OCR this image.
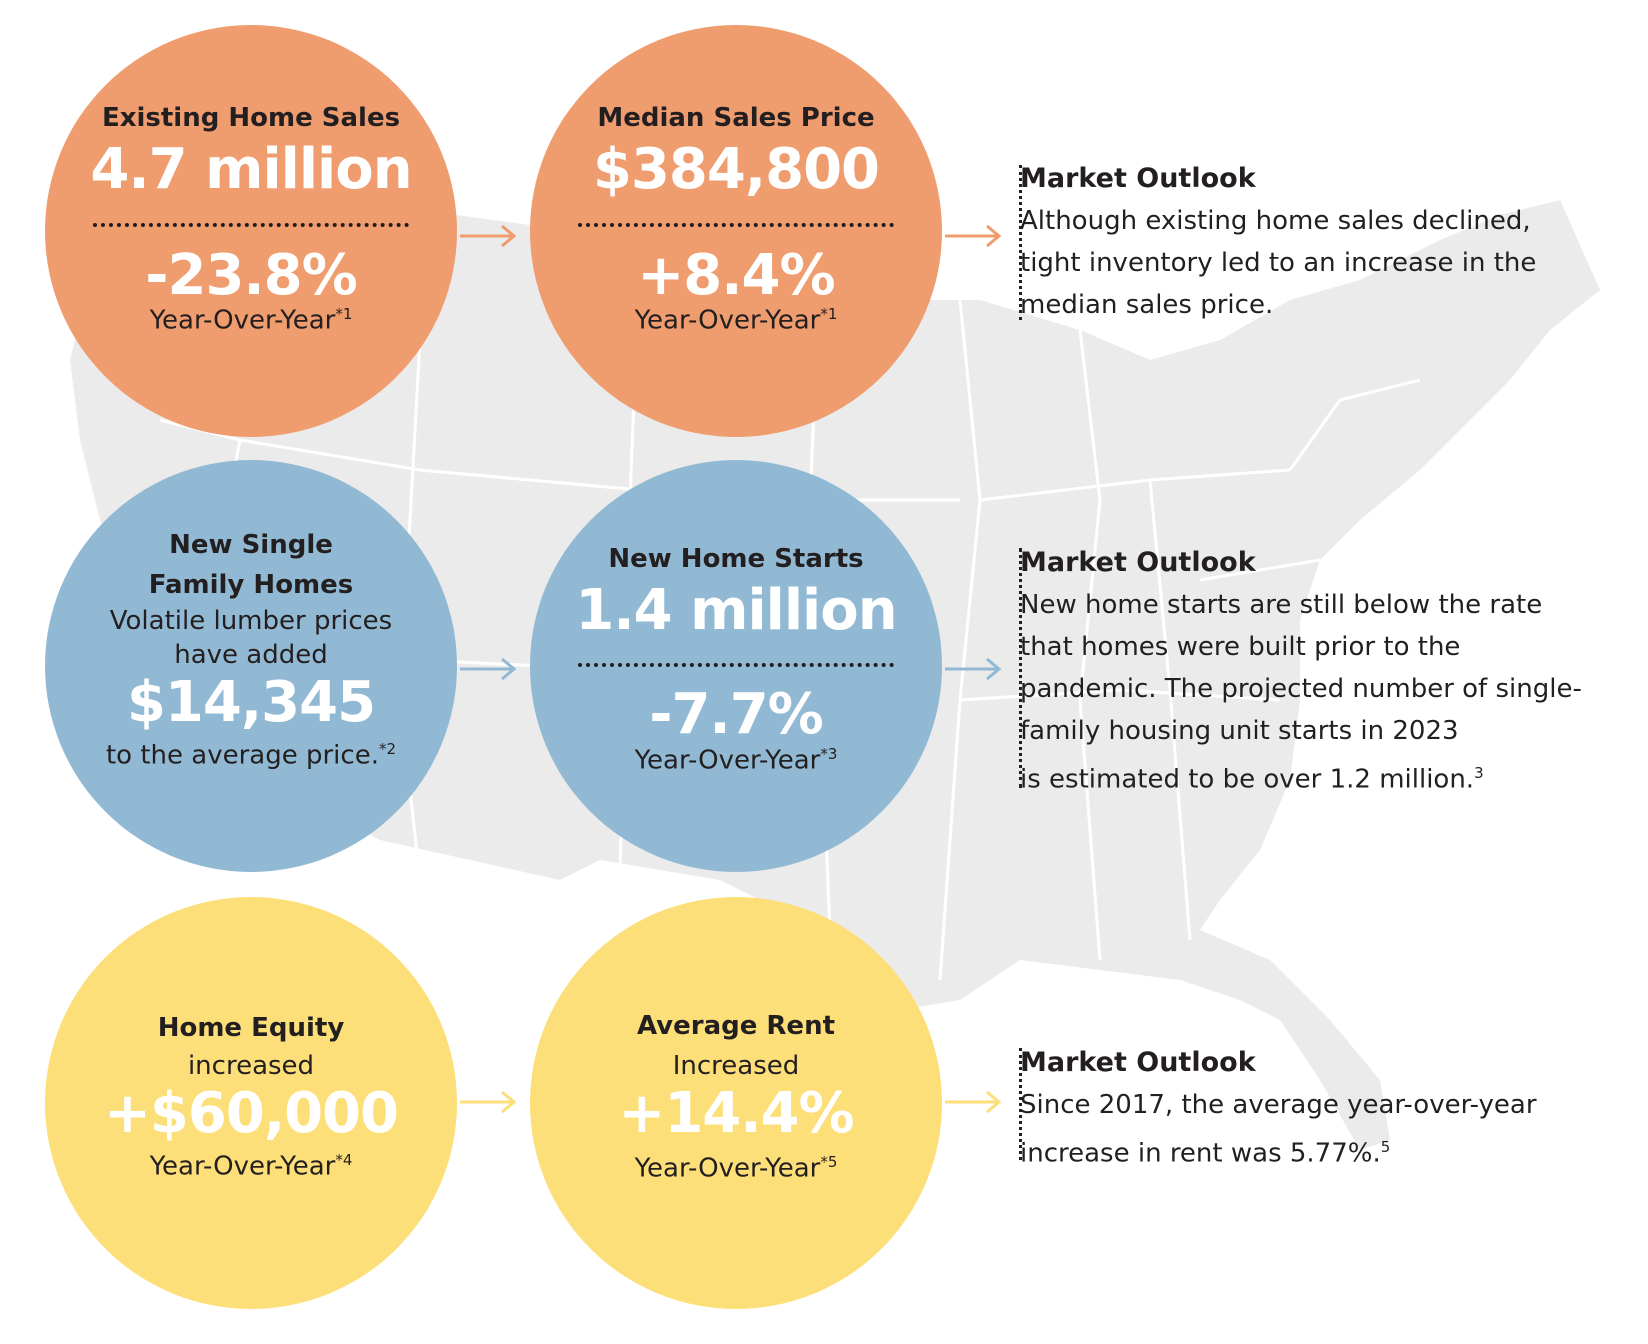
Existing Home Sales
4.7 million
-23.8%
Year-Over-Year$^{*1}$
Median Sales Price
$384,800
+8.4%
Year-Over-Year$^{*1}$
Market Outlook
Although existing home sales declined,
tight inventory led to an increase in the
median sales price.
New Single
Family Homes
Volatile lumber prices
have added
$14,345
to the average price.$^{*2}$
New Home Starts
1.4 million
-7.7%
Year-Over-Year$^{*3}$
Market Outlook
New home starts are still below the rate
that homes were built prior to the
pandemic. The projected number of single-
family housing unit starts in 2023
is estimated to be over 1.2 million.$^3$
Home Equity
increased
+$60,000
Year-Over-Year$^{*4}$
Average Rent
Increased
+14.4%
Year-Over-Year$^{*5}$
Market Outlook
Since 2017, the average year-over-year
increase in rent was 5.77%.$^5$
